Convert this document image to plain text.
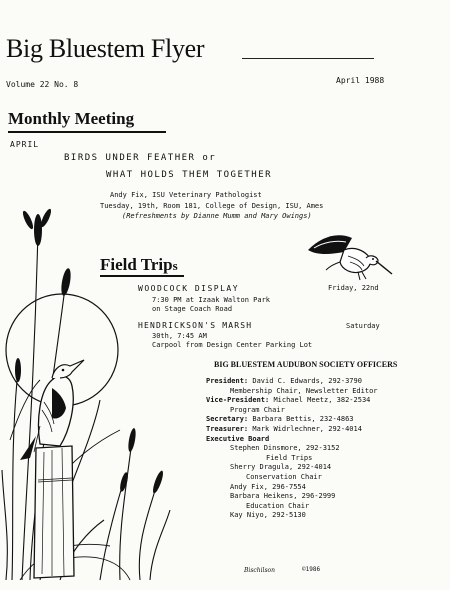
Big Bluestem Flyer
Volume 22 No. 8	April 1988
Monthly Meeting
APRIL
BIRDS UNDER FEATHER or
WHAT HOLDS THEM TOGETHER
Andy Fix, ISU Veterinary Pathologist
Tuesday, 19th, Room 181, College of Design, ISU, Ames
(Refreshments by Dianne Mumm and Mary Owings)
Field Trips
WOODCOCK DISPLAY	Friday, 22nd
7:30 PM at Izaak Walton Park
on Stage Coach Road
HENDRICKSON'S MARSH	Saturday
30th, 7:45 AM
Carpool from Design Center Parking Lot
BIG BLUESTEM AUDUBON SOCIETY OFFICERS
President: David C. Edwards, 292-3790
Membership Chair, Newsletter Editor
Vice-President: Michael Meetz, 382-2534
Program Chair
Secretary: Barbara Bettis, 232-4863
Treasurer: Mark Widrlechner, 292-4014
Executive Board
Stephen Dinsmore, 292-3152
Field Trips
Sherry Dragula, 292-4014
Conservation Chair
Andy Fix, 296-7554
Barbara Heikens, 296-2999
Education Chair
Kay Niyo, 292-5130
Bischilson	©1986
